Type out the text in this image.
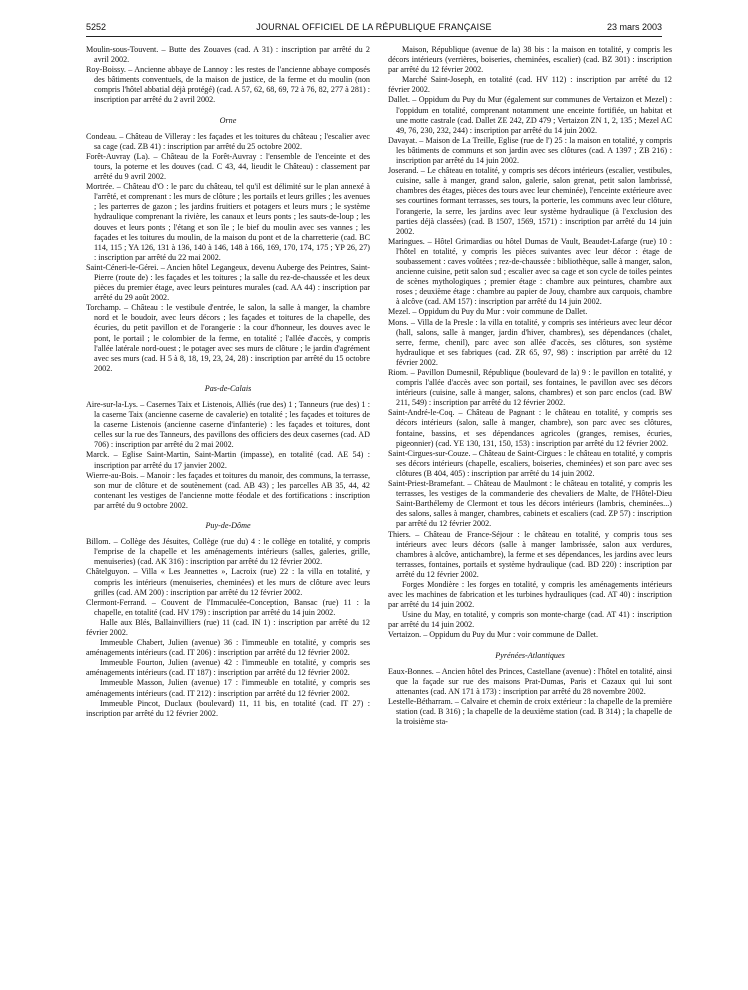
5252	JOURNAL OFFICIEL DE LA RÉPUBLIQUE FRANÇAISE	23 mars 2003

Moulin-sous-Touvent. – Butte des Zouaves (cad. A 31) : inscription par arrêté du 2 avril 2002.

Roy-Boissy. – Ancienne abbaye de Lannoy : les restes de l'ancienne abbaye composés des bâtiments conventuels, de la maison de justice, de la ferme et du moulin (non compris l'hôtel abbatial déjà protégé) (cad. A 57, 62, 68, 69, 72 à 76, 82, 277 à 281) : inscription par arrêté du 2 avril 2002.

Orne

Condeau. – Château de Villeray : les façades et les toitures du château ; l'escalier avec sa cage (cad. ZB 41) : inscription par arrêté du 25 octobre 2002.

Forêt-Auvray (La). – Château de la Forêt-Auvray : l'ensemble de l'enceinte et des tours, la poterne et les douves (cad. C 43, 44, lieudit le Château) : classement par arrêté du 9 avril 2002.

Mortrée. – Château d'O : le parc du château, tel qu'il est délimité sur le plan annexé à l'arrêté, et comprenant : les murs de clôture ; les portails et leurs grilles ; les avenues ; les parterres de gazon ; les jardins fruitiers et potagers et leurs murs ; le système hydraulique comprenant la rivière, les canaux et leurs ponts ; les sauts-de-loup ; les douves et leurs ponts ; l'étang et son île ; le bief du moulin avec ses vannes ; les façades et les toitures du moulin, de la maison du pont et de la charretterie (cad. BC 114, 115 ; YA 126, 131 à 136, 140 à 146, 148 à 166, 169, 170, 174, 175 ; YP 26, 27) : inscription par arrêté du 22 mai 2002.

Saint-Céneri-le-Gérei. – Ancien hôtel Legangeux, devenu Auberge des Peintres, Saint-Pierre (route de) : les façades et les toitures ; la salle du rez-de-chaussée et les deux pièces du premier étage, avec leurs peintures murales (cad. AA 44) : inscription par arrêté du 29 août 2002.

Torchamp. – Château : le vestibule d'entrée, le salon, la salle à manger, la chambre nord et le boudoir, avec leurs décors ; les façades et toitures de la chapelle, des écuries, du petit pavillon et de l'orangerie : la cour d'honneur, les douves avec le pont, le portail ; le colombier de la ferme, en totalité ; l'allée d'accès, y compris l'allée latérale nord-ouest ; le potager avec ses murs de clôture ; le jardin d'agrément avec ses murs (cad. H 5 à 8, 18, 19, 23, 24, 28) : inscription par arrêté du 15 octobre 2002.

Pas-de-Calais

Aire-sur-la-Lys. – Casernes Taix et Listenois, Alliés (rue des) 1 ; Tanneurs (rue des) 1 : la caserne Taix (ancienne caserne de cavalerie) en totalité ; les façades et toitures de la caserne Listenois (ancienne caserne d'infanterie) : les façades et toitures, dont celles sur la rue des Tanneurs, des pavillons des officiers des deux casernes (cad. AD 706) : inscription par arrêté du 2 mai 2002.

Marck. – Eglise Saint-Martin, Saint-Martin (impasse), en totalité (cad. AE 54) : inscription par arrêté du 17 janvier 2002.

Wierre-au-Bois. – Manoir : les façades et toitures du manoir, des communs, la terrasse, son mur de clôture et de soutènement (cad. AB 43) ; les parcelles AB 35, 44, 42 contenant les vestiges de l'ancienne motte féodale et des fortifications : inscription par arrêté du 9 octobre 2002.

Puy-de-Dôme

Billom. – Collège des Jésuites, Collège (rue du) 4 : le collège en totalité, y compris l'emprise de la chapelle et les aménagements intérieurs (salles, galeries, grille, menuiseries) (cad. AK 316) : inscription par arrêté du 12 février 2002.

Châtelguyon. – Villa « Les Jeannettes », Lacroix (rue) 22 : la villa en totalité, y compris les intérieurs (menuiseries, cheminées) et les murs de clôture avec leurs grilles (cad. AM 200) : inscription par arrêté du 12 février 2002.

Clermont-Ferrand. – Couvent de l'Immaculée-Conception, Bansac (rue) 11 : la chapelle, en totalité (cad. HV 179) : inscription par arrêté du 14 juin 2002.

Halle aux Blés, Ballainvilliers (rue) 11 (cad. IN 1) : inscription par arrêté du 12 février 2002.

Immeuble Chabert, Julien (avenue) 36 : l'immeuble en totalité, y compris ses aménagements intérieurs (cad. IT 206) : inscription par arrêté du 12 février 2002.

Immeuble Fourton, Julien (avenue) 42 : l'immeuble en totalité, y compris ses aménagements intérieurs (cad. IT 187) : inscription par arrêté du 12 février 2002.

Immeuble Masson, Julien (avenue) 17 : l'immeuble en totalité, y compris ses aménagements intérieurs (cad. IT 212) : inscription par arrêté du 12 février 2002.

Immeuble Pincot, Duclaux (boulevard) 11, 11 bis, en totalité (cad. IT 27) : inscription par arrêté du 12 février 2002.

Maison, République (avenue de la) 38 bis : la maison en totalité, y compris les décors intérieurs (verrières, boiseries, cheminées, escalier) (cad. BZ 301) : inscription par arrêté du 12 février 2002.

Marché Saint-Joseph, en totalité (cad. HV 112) : inscription par arrêté du 12 février 2002.

Dallet. – Oppidum du Puy du Mur (également sur communes de Vertaizon et Mezel) : l'oppidum en totalité, comprenant notamment une enceinte fortifiée, un habitat et une motte castrale (cad. Dallet ZE 242, ZD 479 ; Vertaizon ZN 1, 2, 135 ; Mezel AC 49, 76, 230, 232, 244) : inscription par arrêté du 14 juin 2002.

Davayat. – Maison de La Treille, Eglise (rue de l') 25 : la maison en totalité, y compris les bâtiments de communs et son jardin avec ses clôtures (cad. A 1397 ; ZB 216) : inscription par arrêté du 14 juin 2002.

Joserand. – Le château en totalité, y compris ses décors intérieurs (escalier, vestibules, cuisine, salle à manger, grand salon, galerie, salon grenat, petit salon lambrissé, chambres des étages, pièces des tours avec leur cheminée), l'enceinte extérieure avec ses courtines formant terrasses, ses tours, la porterie, les communs avec leur clôture, l'orangerie, la serre, les jardins avec leur système hydraulique (à l'exclusion des parties déjà classées) (cad. B 1507, 1569, 1571) : inscription par arrêté du 14 juin 2002.

Maringues. – Hôtel Grimardias ou hôtel Dumas de Vault, Beaudet-Lafarge (rue) 10 : l'hôtel en totalité, y compris les pièces suivantes avec leur décor : étage de soubassement : caves voûtées ; rez-de-chaussée : bibliothèque, salle à manger, salon, ancienne cuisine, petit salon sud ; escalier avec sa cage et son cycle de toiles peintes de scènes mythologiques ; premier étage : chambre aux peintures, chambre aux roses ; deuxième étage : chambre au papier de Jouy, chambre aux carquois, chambre à alcôve (cad. AM 157) : inscription par arrêté du 14 juin 2002.

Mezel. – Oppidum du Puy du Mur : voir commune de Dallet.

Mons. – Villa de la Presle : la villa en totalité, y compris ses intérieurs avec leur décor (hall, salons, salle à manger, jardin d'hiver, chambres), ses dépendances (chalet, serre, ferme, chenil), parc avec son allée d'accès, ses clôtures, son système hydraulique et ses fabriques (cad. ZR 65, 97, 98) : inscription par arrêté du 12 février 2002.

Riom. – Pavillon Dumesnil, République (boulevard de la) 9 : le pavillon en totalité, y compris l'allée d'accès avec son portail, ses fontaines, le pavillon avec ses décors intérieurs (cuisine, salle à manger, salons, chambres) et son parc enclos (cad. BW 211, 549) : inscription par arrêté du 12 février 2002.

Saint-André-le-Coq. – Château de Pagnant : le château en totalité, y compris ses décors intérieurs (salon, salle à manger, chambre), son parc avec ses clôtures, fontaine, bassins, et ses dépendances agricoles (granges, remises, écuries, pigeonnier) (cad. YE 130, 131, 150, 153) : inscription par arrêté du 12 février 2002.

Saint-Cirgues-sur-Couze. – Château de Saint-Cirgues : le château en totalité, y compris ses décors intérieurs (chapelle, escaliers, boiseries, cheminées) et son parc avec ses clôtures (B 404, 405) : inscription par arrêté du 14 juin 2002.

Saint-Priest-Bramefant. – Château de Maulmont : le château en totalité, y compris les terrasses, les vestiges de la commanderie des chevaliers de Malte, de l'Hôtel-Dieu Saint-Barthélemy de Clermont et tous les décors intérieurs (lambris, cheminées...) des salons, salles à manger, chambres, cabinets et escaliers (cad. ZP 57) : inscription par arrêté du 12 février 2002.

Thiers. – Château de France-Séjour : le château en totalité, y compris tous ses intérieurs avec leurs décors (salle à manger lambrissée, salon aux verdures, chambres à alcôve, antichambre), la ferme et ses dépendances, les jardins avec leurs terrasses, fontaines, portails et système hydraulique (cad. BD 220) : inscription par arrêté du 12 février 2002.

Forges Mondière : les forges en totalité, y compris les aménagements intérieurs avec les machines de fabrication et les turbines hydrauliques (cad. AT 40) : inscription par arrêté du 14 juin 2002.

Usine du May, en totalité, y compris son monte-charge (cad. AT 41) : inscription par arrêté du 14 juin 2002.

Vertaizon. – Oppidum du Puy du Mur : voir commune de Dallet.

Pyrénées-Atlantiques

Eaux-Bonnes. – Ancien hôtel des Princes, Castellane (avenue) : l'hôtel en totalité, ainsi que la façade sur rue des maisons Prat-Dumas, Paris et Cazaux qui lui sont attenantes (cad. AN 171 à 173) : inscription par arrêté du 28 novembre 2002.

Lestelle-Bétharram. – Calvaire et chemin de croix extérieur : la chapelle de la première station (cad. B 316) ; la chapelle de la deuxième station (cad. B 314) ; la chapelle de la troisième sta-
